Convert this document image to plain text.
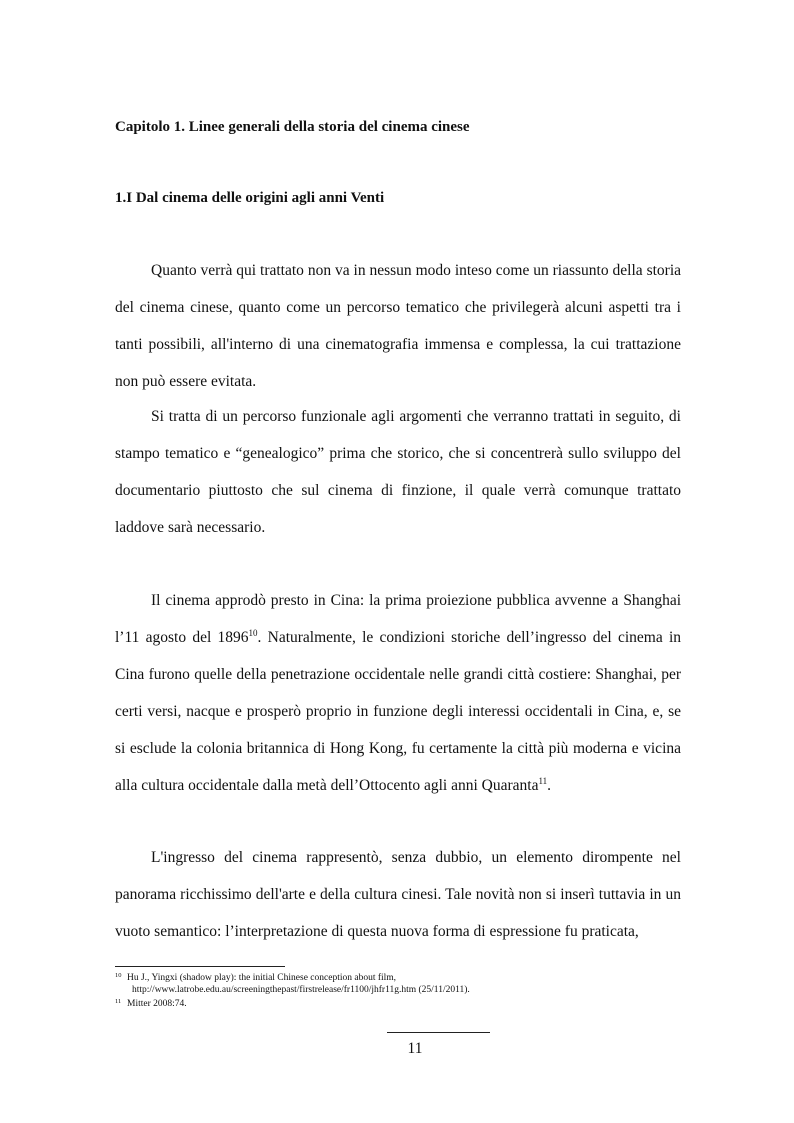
Capitolo 1. Linee generali della storia del cinema cinese
1.I Dal cinema delle origini agli anni Venti

Quanto verrà qui trattato non va in nessun modo inteso come un riassunto della storia del cinema cinese, quanto come un percorso tematico che privilegerà alcuni aspetti tra i tanti possibili, all'interno di una cinematografia immensa e complessa, la cui trattazione non può essere evitata.

Si tratta di un percorso funzionale agli argomenti che verranno trattati in seguito, di stampo tematico e “genealogico” prima che storico, che si concentrerà sullo sviluppo del documentario piuttosto che sul cinema di finzione, il quale verrà comunque trattato laddove sarà necessario.

Il cinema approdò presto in Cina: la prima proiezione pubblica avvenne a Shanghai l’11 agosto del 1896$^{10}$. Naturalmente, le condizioni storiche dell’ingresso del cinema in Cina furono quelle della penetrazione occidentale nelle grandi città costiere: Shanghai, per certi versi, nacque e prosperò proprio in funzione degli interessi occidentali in Cina, e, se si esclude la colonia britannica di Hong Kong, fu certamente la città più moderna e vicina alla cultura occidentale dalla metà dell’Ottocento agli anni Quaranta$^{11}$.

L'ingresso del cinema rappresentò, senza dubbio, un elemento dirompente nel panorama ricchissimo dell'arte e della cultura cinesi. Tale novità non si inserì tuttavia in un vuoto semantico: l’interpretazione di questa nuova forma di espressione fu praticata,

10 Hu J., Yingxi (shadow play): the initial Chinese conception about film,
http://www.latrobe.edu.au/screeningthepast/firstrelease/fr1100/jhfr11g.htm (25/11/2011).
11 Mitter 2008:74.
11
